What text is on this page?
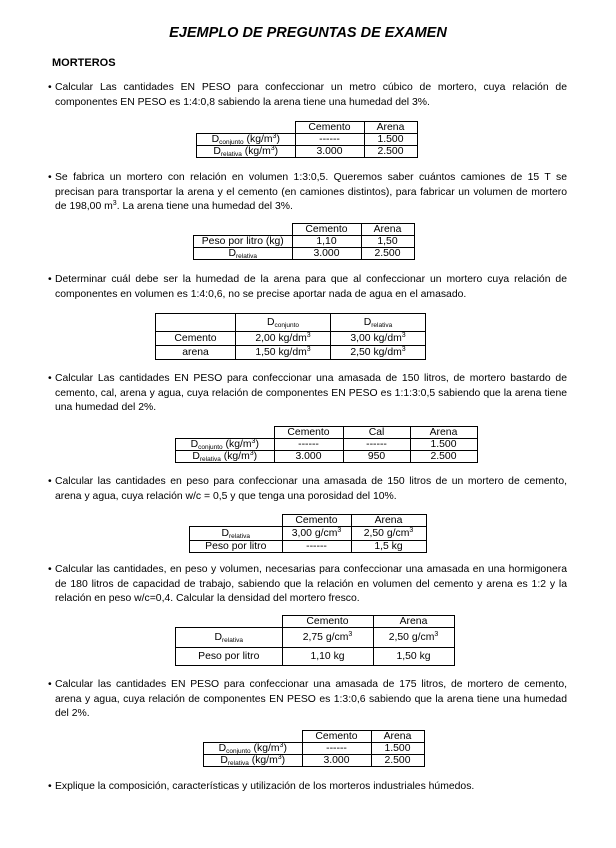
EJEMPLO DE PREGUNTAS DE EXAMEN
MORTEROS
• Calcular Las cantidades EN PESO para confeccionar un metro cúbico de mortero, cuya relación de componentes EN PESO es 1:4:0,8 sabiendo la arena tiene una humedad del 3%.
	Cemento	Arena
$D_{conjunto}$ $(kg/m^3)$	------	1.500
$D_{relativa}$ $(kg/m^3)$	3.000	2.500
• Se fabrica un mortero con relación en volumen 1:3:0,5. Queremos saber cuántos camiones de 15 T se precisan para transportar la arena y el cemento (en camiones distintos), para fabricar un volumen de mortero de 198,00 $m^3$. La arena tiene una humedad del 3%.
	Cemento	Arena
Peso por litro (kg)	1,10	1,50
$D_{relativa}$	3.000	2.500
• Determinar cuál debe ser la humedad de la arena para que al confeccionar un mortero cuya relación de componentes en volumen es 1:4:0,6, no se precise aportar nada de agua en el amasado.
	$D_{conjunto}$	$D_{relativa}$
Cemento	2,00 $kg/dm^3$	3,00 $kg/dm^3$
arena	1,50 $kg/dm^3$	2,50 $kg/dm^3$
• Calcular Las cantidades EN PESO para confeccionar una amasada de 150 litros, de mortero bastardo de cemento, cal, arena y agua, cuya relación de componentes EN PESO es 1:1:3:0,5 sabiendo que la arena tiene una humedad del 2%.
	Cemento	Cal	Arena
$D_{conjunto}$ $(kg/m^3)$	------	------	1.500
$D_{relativa}$ $(kg/m^3)$	3.000	950	2.500
• Calcular las cantidades en peso para confeccionar una amasada de 150 litros de un mortero de cemento, arena y agua, cuya relación w/c = 0,5 y que tenga una porosidad del 10%.
	Cemento	Arena
$D_{relativa}$	3,00 $g/cm^3$	2,50 $g/cm^3$
Peso por litro	------	1,5 kg
• Calcular las cantidades, en peso y volumen, necesarias para confeccionar una amasada en una hormigonera de 180 litros de capacidad de trabajo, sabiendo que la relación en volumen del cemento y arena es 1:2 y la relación en peso w/c=0,4. Calcular la densidad del mortero fresco.
	Cemento	Arena
$D_{relativa}$	2,75 $g/cm^3$	2,50 $g/cm^3$
Peso por litro	1,10 kg	1,50 kg
• Calcular las cantidades EN PESO para confeccionar una amasada de 175 litros, de mortero de cemento, arena y agua, cuya relación de componentes EN PESO es 1:3:0,6 sabiendo que la arena tiene una humedad del 2%.
	Cemento	Arena
$D_{conjunto}$ $(kg/m^3)$	------	1.500
$D_{relativa}$ $(kg/m^3)$	3.000	2.500
• Explique la composición, características y utilización de los morteros industriales húmedos.
